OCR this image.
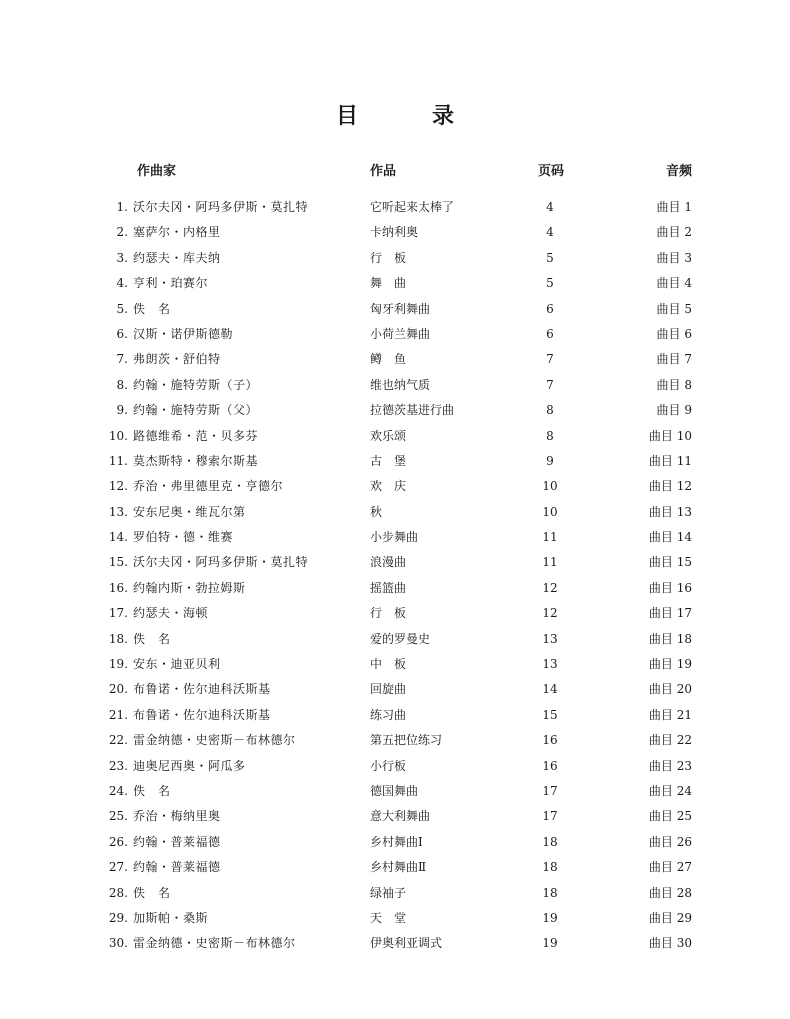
目　录
作曲家	作品	页码	音频
1. 沃尔夫冈・阿玛多伊斯・莫扎特	它听起来太棒了	4	曲目 1
2. 塞萨尔・内格里	卡纳利奥	4	曲目 2
3. 约瑟夫・库夫纳	行　板	5	曲目 3
4. 亨利・珀赛尔	舞　曲	5	曲目 4
5. 佚　名	匈牙利舞曲	6	曲目 5
6. 汉斯・诺伊斯德勒	小荷兰舞曲	6	曲目 6
7. 弗朗茨・舒伯特	鳟　鱼	7	曲目 7
8. 约翰・施特劳斯（子）	维也纳气质	7	曲目 8
9. 约翰・施特劳斯（父）	拉德茨基进行曲	8	曲目 9
10. 路德维希・范・贝多芬	欢乐颂	8	曲目 10
11. 莫杰斯特・穆索尔斯基	古　堡	9	曲目 11
12. 乔治・弗里德里克・亨德尔	欢　庆	10	曲目 12
13. 安东尼奥・维瓦尔第	秋	10	曲目 13
14. 罗伯特・德・维赛	小步舞曲	11	曲目 14
15. 沃尔夫冈・阿玛多伊斯・莫扎特	浪漫曲	11	曲目 15
16. 约翰内斯・勃拉姆斯	摇篮曲	12	曲目 16
17. 约瑟夫・海顿	行　板	12	曲目 17
18. 佚　名	爱的罗曼史	13	曲目 18
19. 安东・迪亚贝利	中　板	13	曲目 19
20. 布鲁诺・佐尔迪科沃斯基	回旋曲	14	曲目 20
21. 布鲁诺・佐尔迪科沃斯基	练习曲	15	曲目 21
22. 雷金纳德・史密斯－布林德尔	第五把位练习	16	曲目 22
23. 迪奥尼西奥・阿瓜多	小行板	16	曲目 23
24. 佚　名	德国舞曲	17	曲目 24
25. 乔治・梅纳里奥	意大利舞曲	17	曲目 25
26. 约翰・普莱福德	乡村舞曲Ⅰ	18	曲目 26
27. 约翰・普莱福德	乡村舞曲Ⅱ	18	曲目 27
28. 佚　名	绿袖子	18	曲目 28
29. 加斯帕・桑斯	天　堂	19	曲目 29
30. 雷金纳德・史密斯－布林德尔	伊奥利亚调式	19	曲目 30
